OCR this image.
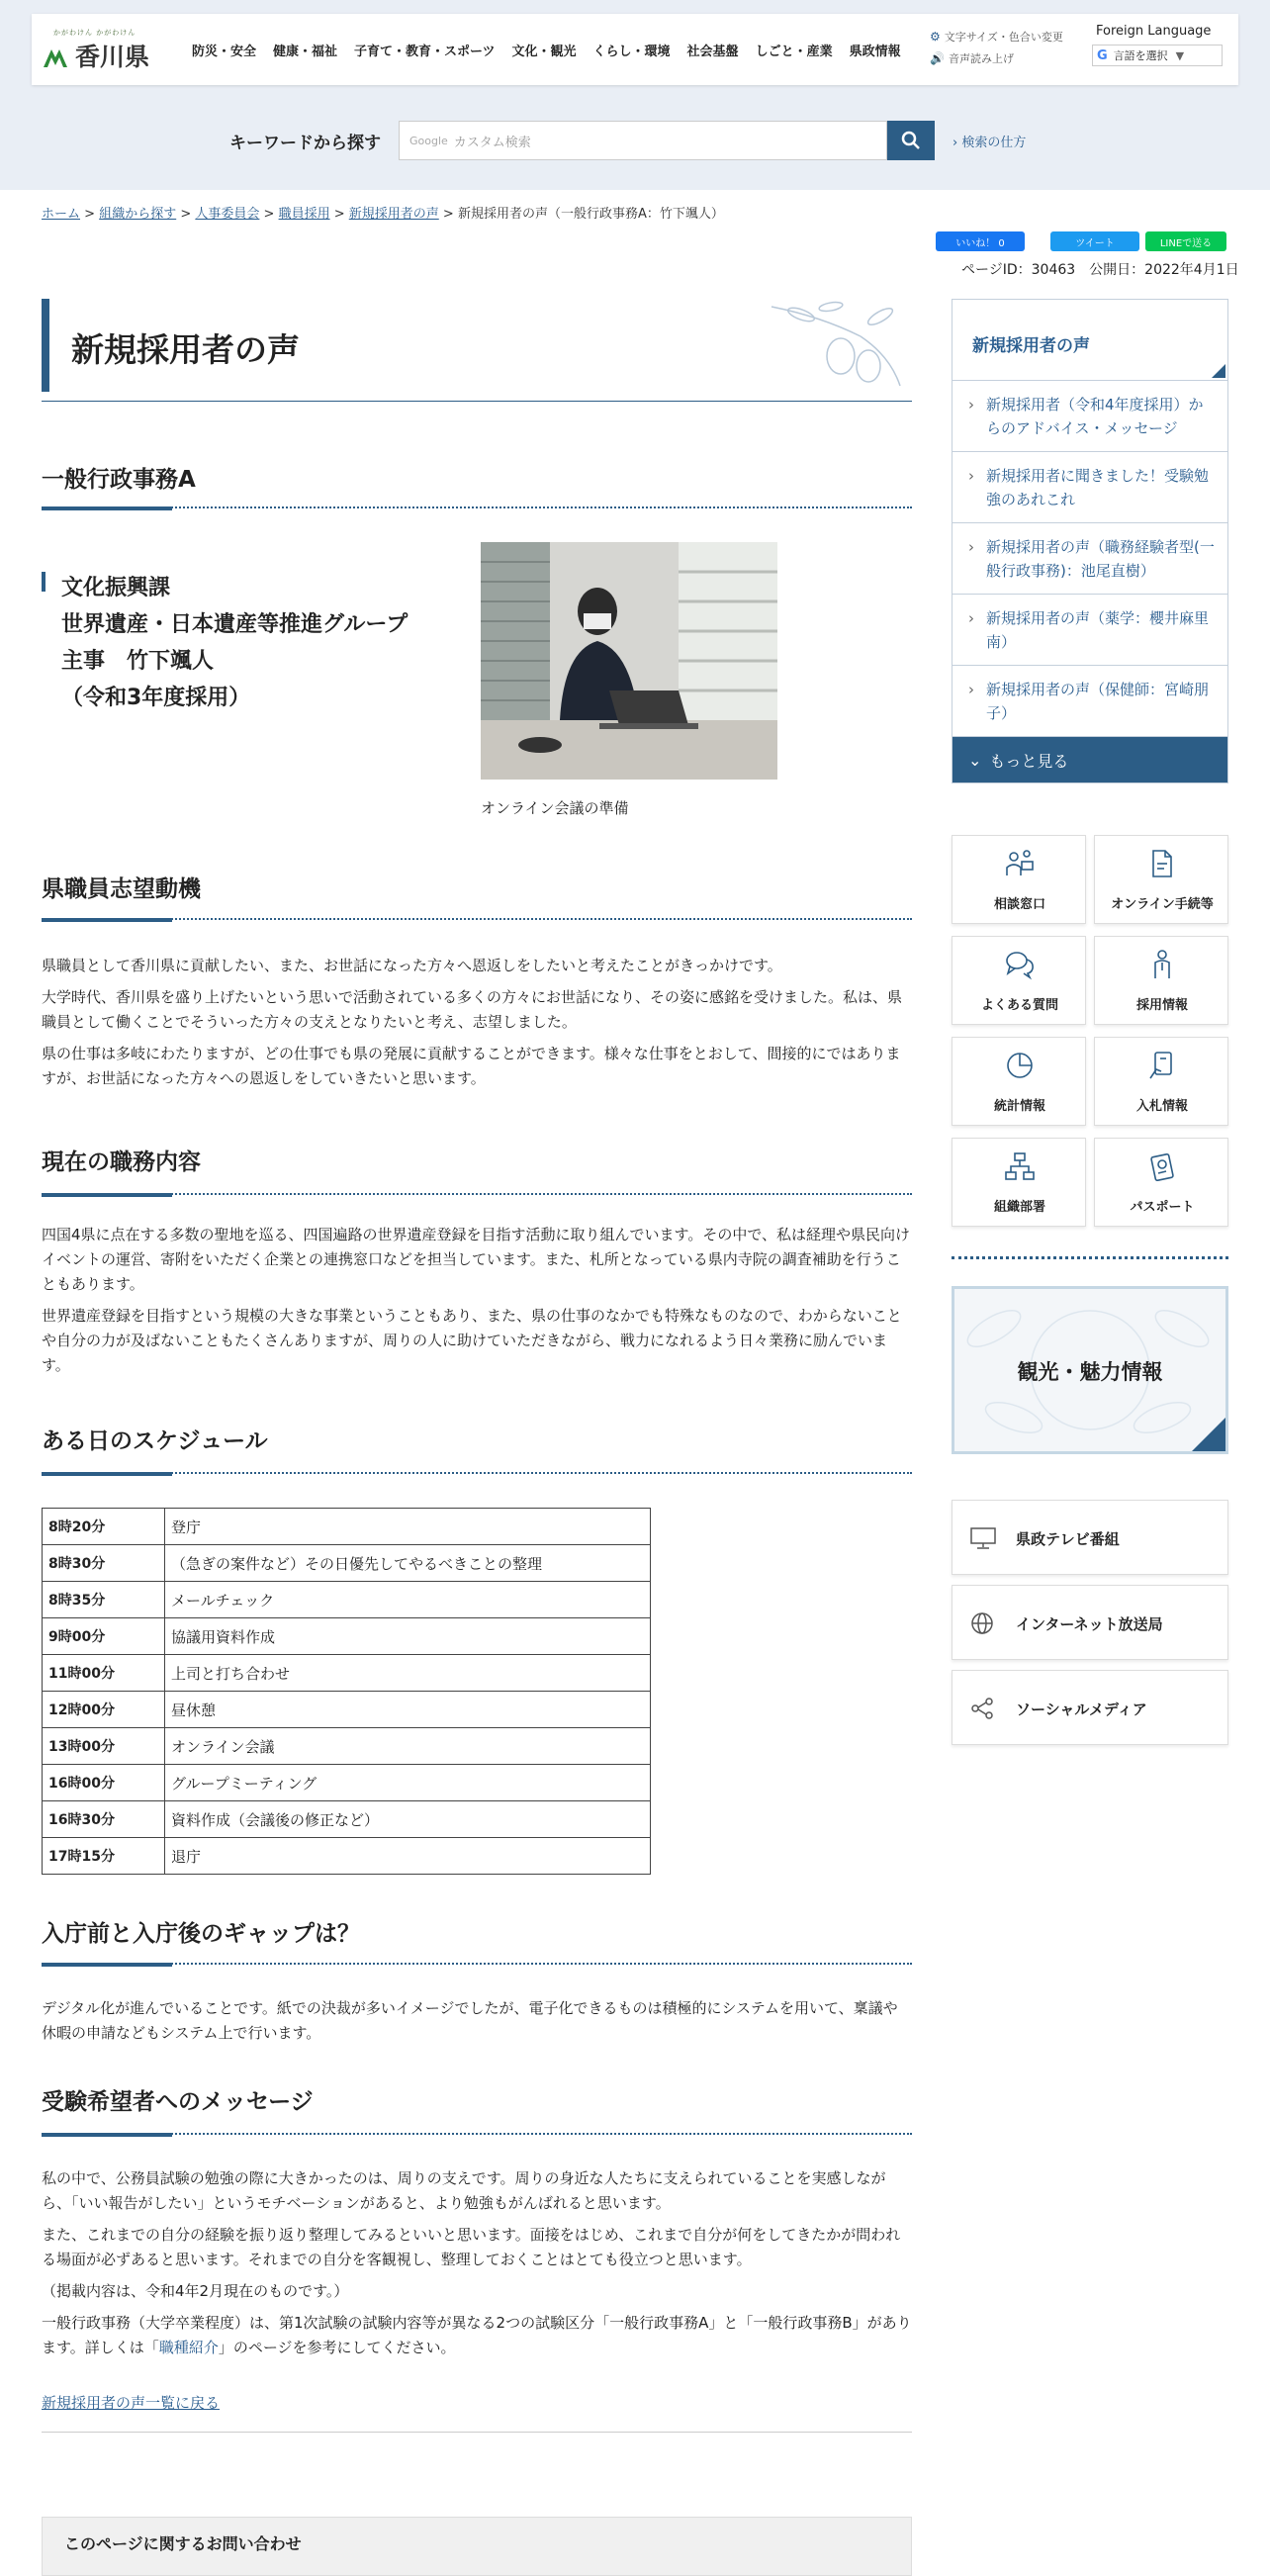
かがわけん かがわけん
香川県	防災・安全 健康・福祉 子育て・教育・スポーツ 文化・観光 くらし・環境 社会基盤 しごと・産業 県政情報
⚙ 文字サイズ・色合い変更
🔊 音声読み上げ
Foreign Language
G 言語を選択 ▼
キーワードから探す	Google カスタム検索	› 検索の仕方
ホーム > 組織から探す > 人事委員会 > 職員採用 > 新規採用者の声 > 新規採用者の声（一般行政事務A：竹下颯人）
いいね！ 0	ツイート	LINEで送る
ページID：30463　 公開日：2022年4月1日
新規採用者の声
一般行政事務A
文化振興課
世界遺産・日本遺産等推進グループ
主事　竹下颯人
（令和3年度採用）
オンライン会議の準備
県職員志望動機

県職員として香川県に貢献したい、また、お世話になった方々へ恩返しをしたいと考えたことがきっかけです。

大学時代、香川県を盛り上げたいという思いで活動されている多くの方々にお世話になり、その姿に感銘を受けました。私は、県職員として働くことでそういった方々の支えとなりたいと考え、志望しました。

県の仕事は多岐にわたりますが、どの仕事でも県の発展に貢献することができます。様々な仕事をとおして、間接的にではありますが、お世話になった方々への恩返しをしていきたいと思います。

現在の職務内容

四国4県に点在する多数の聖地を巡る、四国遍路の世界遺産登録を目指す活動に取り組んでいます。その中で、私は経理や県民向けイベントの運営、寄附をいただく企業との連携窓口などを担当しています。また、札所となっている県内寺院の調査補助を行うこともあります。

世界遺産登録を目指すという規模の大きな事業ということもあり、また、県の仕事のなかでも特殊なものなので、わからないことや自分の力が及ばないこともたくさんありますが、周りの人に助けていただきながら、戦力になれるよう日々業務に励んでいます。

ある日のスケジュール
8時20分	登庁
8時30分	（急ぎの案件など）その日優先してやるべきことの整理
8時35分	メールチェック
9時00分	協議用資料作成
11時00分	上司と打ち合わせ
12時00分	昼休憩
13時00分	オンライン会議
16時00分	グループミーティング
16時30分	資料作成（会議後の修正など）
17時15分	退庁
入庁前と入庁後のギャップは？

デジタル化が進んでいることです。紙での決裁が多いイメージでしたが、電子化できるものは積極的にシステムを用いて、稟議や休暇の申請などもシステム上で行います。

受験希望者へのメッセージ

私の中で、公務員試験の勉強の際に大きかったのは、周りの支えです。周りの身近な人たちに支えられていることを実感しながら、「いい報告がしたい」というモチベーションがあると、より勉強もがんばれると思います。

また、これまでの自分の経験を振り返り整理してみるといいと思います。面接をはじめ、これまで自分が何をしてきたかが問われる場面が必ずあると思います。それまでの自分を客観視し、整理しておくことはとても役立つと思います。

（掲載内容は、令和4年2月現在のものです。）

一般行政事務（大学卒業程度）は、第1次試験の試験内容等が異なる2つの試験区分「一般行政事務A」と「一般行政事務B」があります。詳しくは「職種紹介」のページを参考にしてください。

新規採用者の声一覧に戻る
このページに関するお問い合わせ
新規採用者の声
› 新規採用者（令和4年度採用）からのアドバイス・メッセージ
› 新規採用者に聞きました！受験勉強のあれこれ
› 新規採用者の声（職務経験者型(一般行政事務)：池尾直樹）
› 新規採用者の声（薬学：櫻井麻里南）
› 新規採用者の声（保健師：宮崎朋子）
⌄ もっと見る
相談窓口	オンライン手続等
よくある質問	採用情報
統計情報	入札情報
組織部署	パスポート
観光・魅力情報
県政テレビ番組
インターネット放送局
ソーシャルメディア
